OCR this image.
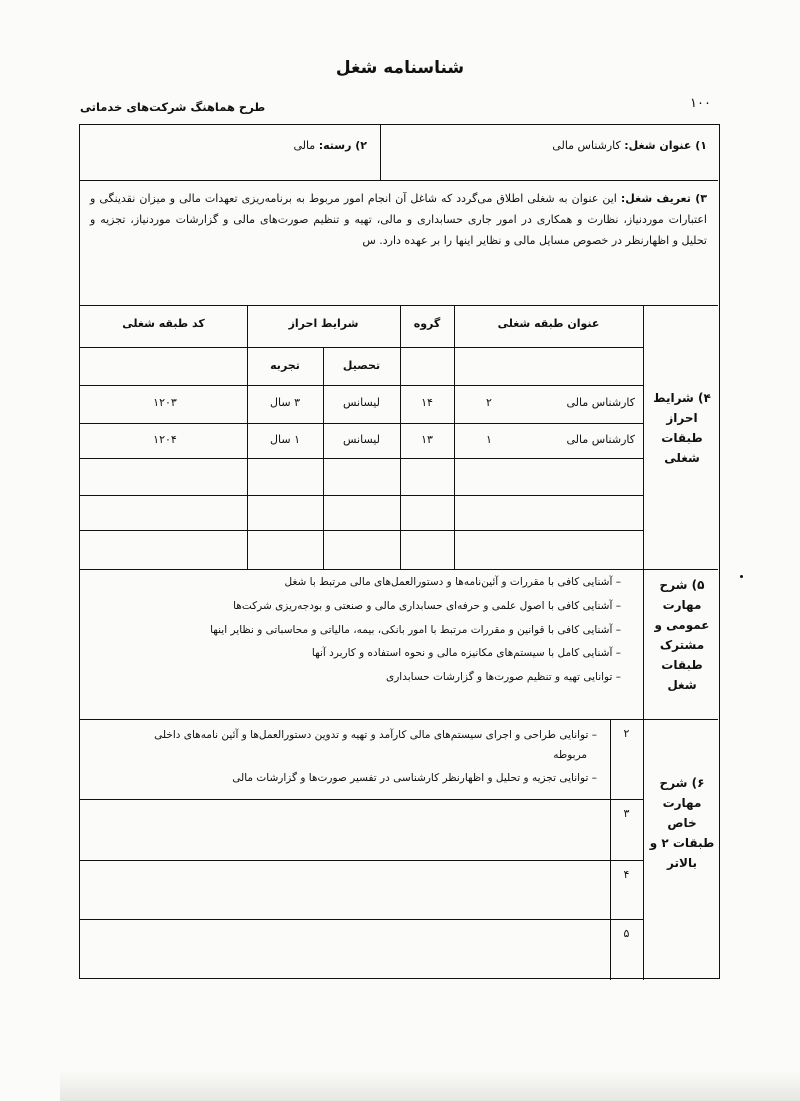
شناسنامه شغل
۱۰۰
طرح هماهنگ شرکت‌های خدماتی
۱) عنوان شغل: کارشناس مالی
۲) رسته: مالی
۳) تعریف شغل: این عنوان به شغلی اطلاق می‌گردد که شاغل آن انجام امور مربوط به برنامه‌ریزی تعهدات مالی و میزان نقدینگی و اعتبارات موردنیاز، نظارت و همکاری در امور جاری حسابداری و مالی، تهیه و تنظیم صورت‌های مالی و گزارشات موردنیاز، تجزیه و تحلیل و اظهارنظر در خصوص مسایل مالی و نظایر اینها را بر عهده دارد. س
۴) شرایط احراز طبقات شغلی
عنوان طبقه شغلی
گروه
شرایط احراز
کد طبقه شغلی
تحصیل
تجربه
کارشناس مالی
۲
۱۴
لیسانس
۳ سال
۱۲۰۳
کارشناس مالی
۱
۱۳
لیسانس
۱ سال
۱۲۰۴
۵) شرح مهارت عمومی و مشترک طبقات شغل
– آشنایی کافی با مقررات و آئین‌نامه‌ها و دستورالعمل‌های مالی مرتبط با شغل
– آشنایی کافی با اصول علمی و حرفه‌ای حسابداری مالی و صنعتی و بودجه‌ریزی شرکت‌ها
– آشنایی کافی با قوانین و مقررات مرتبط با امور بانکی، بیمه، مالیاتی و محاسباتی و نظایر اینها
– آشنایی کامل با سیستم‌های مکانیزه مالی و نحوه استفاده و کاربرد آنها
– توانایی تهیه و تنظیم صورت‌ها و گزارشات حسابداری
۶) شرح مهارت خاص طبقات ۲ و بالاتر
۲
۳
۴
۵
– توانایی طراحی و اجرای سیستم‌های مالی کارآمد و تهیه و تدوین دستورالعمل‌ها و آئین نامه‌های داخلی
مربوطه
– توانایی تجزیه و تحلیل و اظهارنظر کارشناسی در تفسیر صورت‌ها و گزارشات مالی
